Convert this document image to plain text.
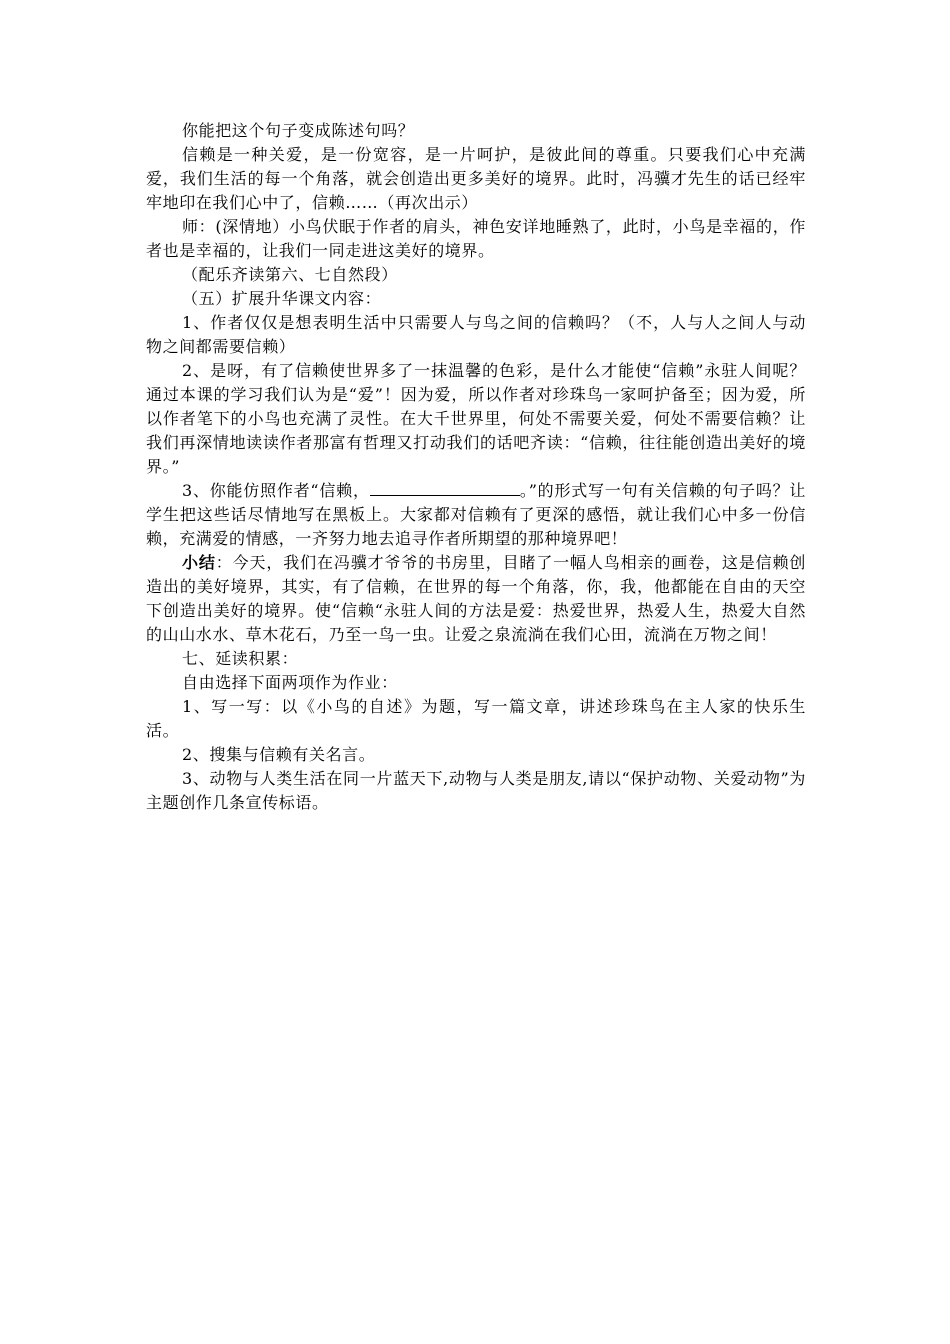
你能把这个句子变成陈述句吗？

信赖是一种关爱，是一份宽容，是一片呵护，是彼此间的尊重。只要我们心中充满爱，我们生活的每一个角落，就会创造出更多美好的境界。此时，冯骥才先生的话已经牢牢地印在我们心中了，信赖……（再次出示）

师：(深情地）小鸟伏眠于作者的肩头，神色安详地睡熟了，此时，小鸟是幸福的，作者也是幸福的，让我们一同走进这美好的境界。

（配乐齐读第六、七自然段）

（五）扩展升华课文内容：

1、作者仅仅是想表明生活中只需要人与鸟之间的信赖吗？（不，人与人之间人与动物之间都需要信赖）

2、是呀，有了信赖使世界多了一抹温馨的色彩，是什么才能使“信赖”永驻人间呢？通过本课的学习我们认为是“爱”！因为爱，所以作者对珍珠鸟一家呵护备至；因为爱，所以作者笔下的小鸟也充满了灵性。在大千世界里，何处不需要关爱，何处不需要信赖？让我们再深情地读读作者那富有哲理又打动我们的话吧齐读：“信赖，往往能创造出美好的境界。”

3、你能仿照作者“信赖，	。”的形式写一句有关信赖的句子吗？让学生把这些话尽情地写在黑板上。大家都对信赖有了更深的感悟，就让我们心中多一份信赖，充满爱的情感，一齐努力地去追寻作者所期望的那种境界吧！

小结：今天，我们在冯骥才爷爷的书房里，目睹了一幅人鸟相亲的画卷，这是信赖创造出的美好境界，其实，有了信赖，在世界的每一个角落，你，我，他都能在自由的天空下创造出美好的境界。使“信赖“永驻人间的方法是爱：热爱世界，热爱人生，热爱大自然的山山水水、草木花石，乃至一鸟一虫。让爱之泉流淌在我们心田，流淌在万物之间！

七、延读积累：

自由选择下面两项作为作业：

1、写一写：以《小鸟的自述》为题，写一篇文章，讲述珍珠鸟在主人家的快乐生活。

2、搜集与信赖有关名言。

3、动物与人类生活在同一片蓝天下,动物与人类是朋友,请以“保护动物、关爱动物”为主题创作几条宣传标语。
